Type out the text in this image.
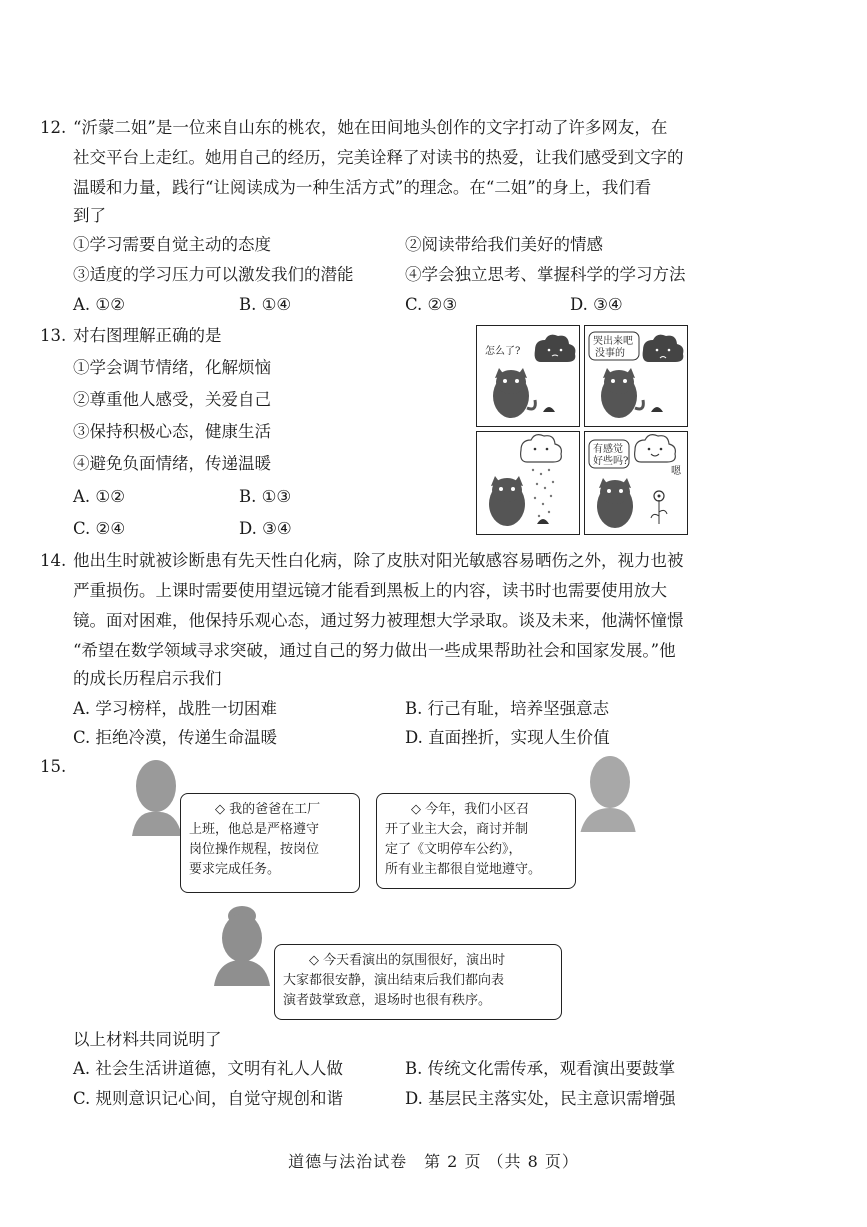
12. “沂蒙二姐”是一位来自山东的桃农，她在田间地头创作的文字打动了许多网友，在
社交平台上走红。她用自己的经历，完美诠释了对读书的热爱，让我们感受到文字的
温暖和力量，践行“让阅读成为一种生活方式”的理念。在“二姐”的身上，我们看
到了
①学习需要自觉主动的态度	②阅读带给我们美好的情感
③适度的学习压力可以激发我们的潜能	④学会独立思考、掌握科学的学习方法
A. ①②	B. ①④	C. ②③	D. ③④
13. 对右图理解正确的是
①学会调节情绪，化解烦恼
②尊重他人感受，关爱自己
③保持积极心态，健康生活
④避免负面情绪，传递温暖
A. ①②	B. ①③
C. ②④	D. ③④
怎么了?
哭出来吧
没事的
有感觉
好些吗?
嗯
14. 他出生时就被诊断患有先天性白化病，除了皮肤对阳光敏感容易晒伤之外，视力也被
严重损伤。上课时需要使用望远镜才能看到黑板上的内容，读书时也需要使用放大
镜。面对困难，他保持乐观心态，通过努力被理想大学录取。谈及未来，他满怀憧憬
“希望在数学领域寻求突破，通过自己的努力做出一些成果帮助社会和国家发展。”他
的成长历程启示我们
A. 学习榜样，战胜一切困难	B. 行己有耻，培养坚强意志
C. 拒绝冷漠，传递生命温暖	D. 直面挫折，实现人生价值
15.
◇ 我的爸爸在工厂
上班，他总是严格遵守
岗位操作规程，按岗位
要求完成任务。
◇ 今年，我们小区召
开了业主大会，商讨并制
定了《文明停车公约》，
所有业主都很自觉地遵守。
◇ 今天看演出的氛围很好，演出时
大家都很安静，演出结束后我们都向表
演者鼓掌致意，退场时也很有秩序。
以上材料共同说明了
A. 社会生活讲道德，文明有礼人人做	B. 传统文化需传承，观看演出要鼓掌
C. 规则意识记心间，自觉守规创和谐	D. 基层民主落实处，民主意识需增强
道德与法治试卷　第 2 页 （共 8 页）
